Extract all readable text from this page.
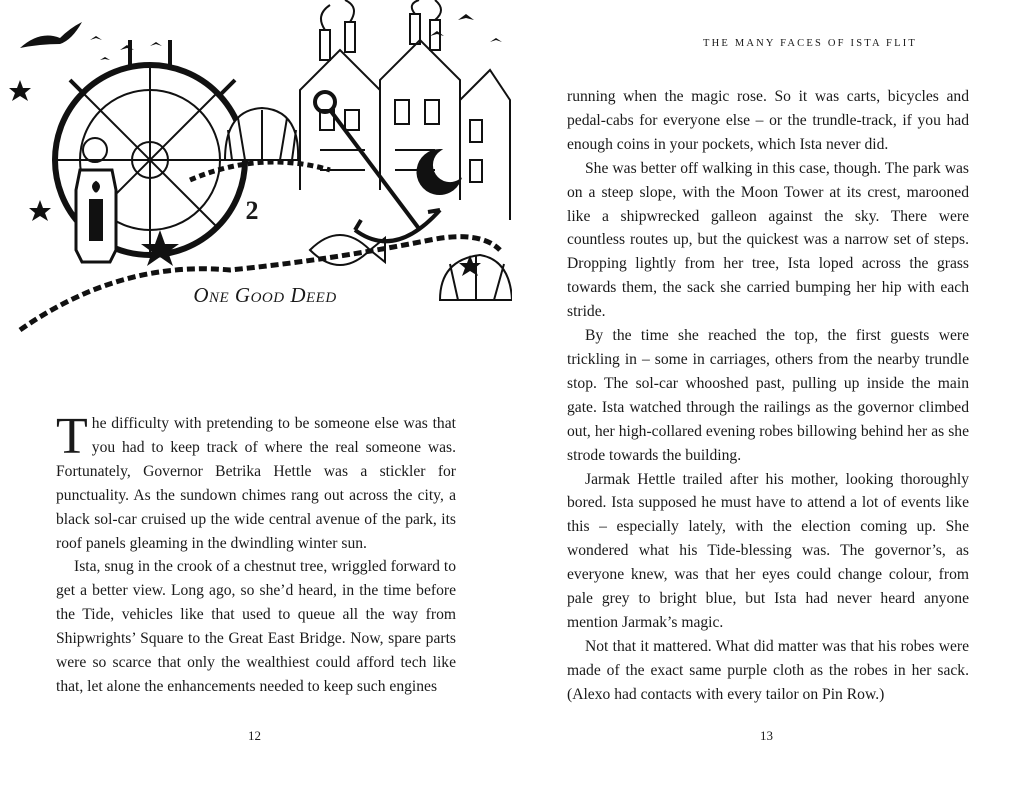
2
ONE GOOD DEED

The difficulty with pretending to be someone else was that you had to keep track of where the real someone was. Fortunately, Governor Betrika Hettle was a stickler for punctuality. As the sundown chimes rang out across the city, a black sol-car cruised up the wide central avenue of the park, its roof panels gleaming in the dwindling winter sun.

Ista, snug in the crook of a chestnut tree, wriggled forward to get a better view. Long ago, so she’d heard, in the time before the Tide, vehicles like that used to queue all the way from Shipwrights’ Square to the Great East Bridge. Now, spare parts were so scarce that only the wealthiest could afford tech like that, let alone the enhancements needed to keep such engines

12
THE MANY FACES OF ISTA FLIT

running when the magic rose. So it was carts, bicycles and pedal-cabs for everyone else – or the trundle-track, if you had enough coins in your pockets, which Ista never did.

She was better off walking in this case, though. The park was on a steep slope, with the Moon Tower at its crest, marooned like a shipwrecked galleon against the sky. There were countless routes up, but the quickest was a narrow set of steps. Dropping lightly from her tree, Ista loped across the grass towards them, the sack she carried bumping her hip with each stride.

By the time she reached the top, the first guests were trickling in – some in carriages, others from the nearby trundle stop. The sol-car whooshed past, pulling up inside the main gate. Ista watched through the railings as the governor climbed out, her high-collared evening robes billowing behind her as she strode towards the building.

Jarmak Hettle trailed after his mother, looking thoroughly bored. Ista supposed he must have to attend a lot of events like this – especially lately, with the election coming up. She wondered what his Tide-blessing was. The governor’s, as everyone knew, was that her eyes could change colour, from pale grey to bright blue, but Ista had never heard anyone mention Jarmak’s magic.

Not that it mattered. What did matter was that his robes were made of the exact same purple cloth as the robes in her sack. (Alexo had contacts with every tailor on Pin Row.)

13
